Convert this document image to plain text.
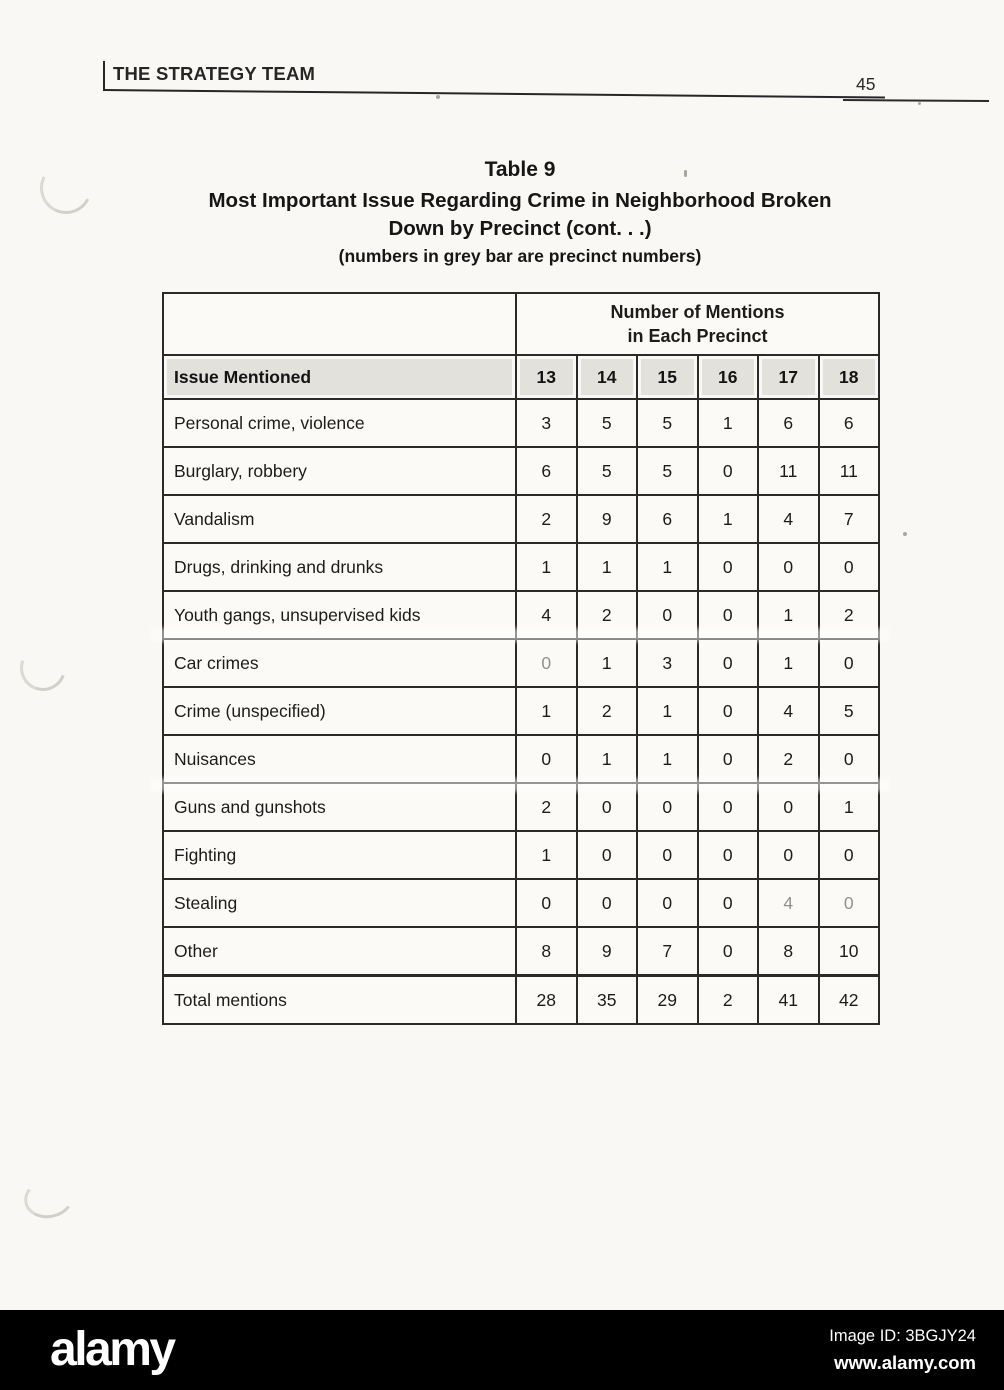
THE STRATEGY TEAM	45
Table 9
Most Important Issue Regarding Crime in Neighborhood Broken
Down by Precinct (cont. . .)
(numbers in grey bar are precinct numbers)

	Number of Mentions
in Each Precinct					

Issue Mentioned	13	14	15	16	17	18
Personal crime, violence	3	5	5	1	6	6
Burglary, robbery	6	5	5	0	11	11
Vandalism	2	9	6	1	4	7
Drugs, drinking and drunks	1	1	1	0	0	0
Youth gangs, unsupervised kids	4	2	0	0	1	2
Car crimes	0	1	3	0	1	0
Crime (unspecified)	1	2	1	0	4	5
Nuisances	0	1	1	0	2	0
Guns and gunshots	2	0	0	0	0	1
Fighting	1	0	0	0	0	0
Stealing	0	0	0	0	4	0
Other	8	9	7	0	8	10
Total mentions	28	35	29	2	41	42
alamy	Image ID: 3BGJY24
www.alamy.com
